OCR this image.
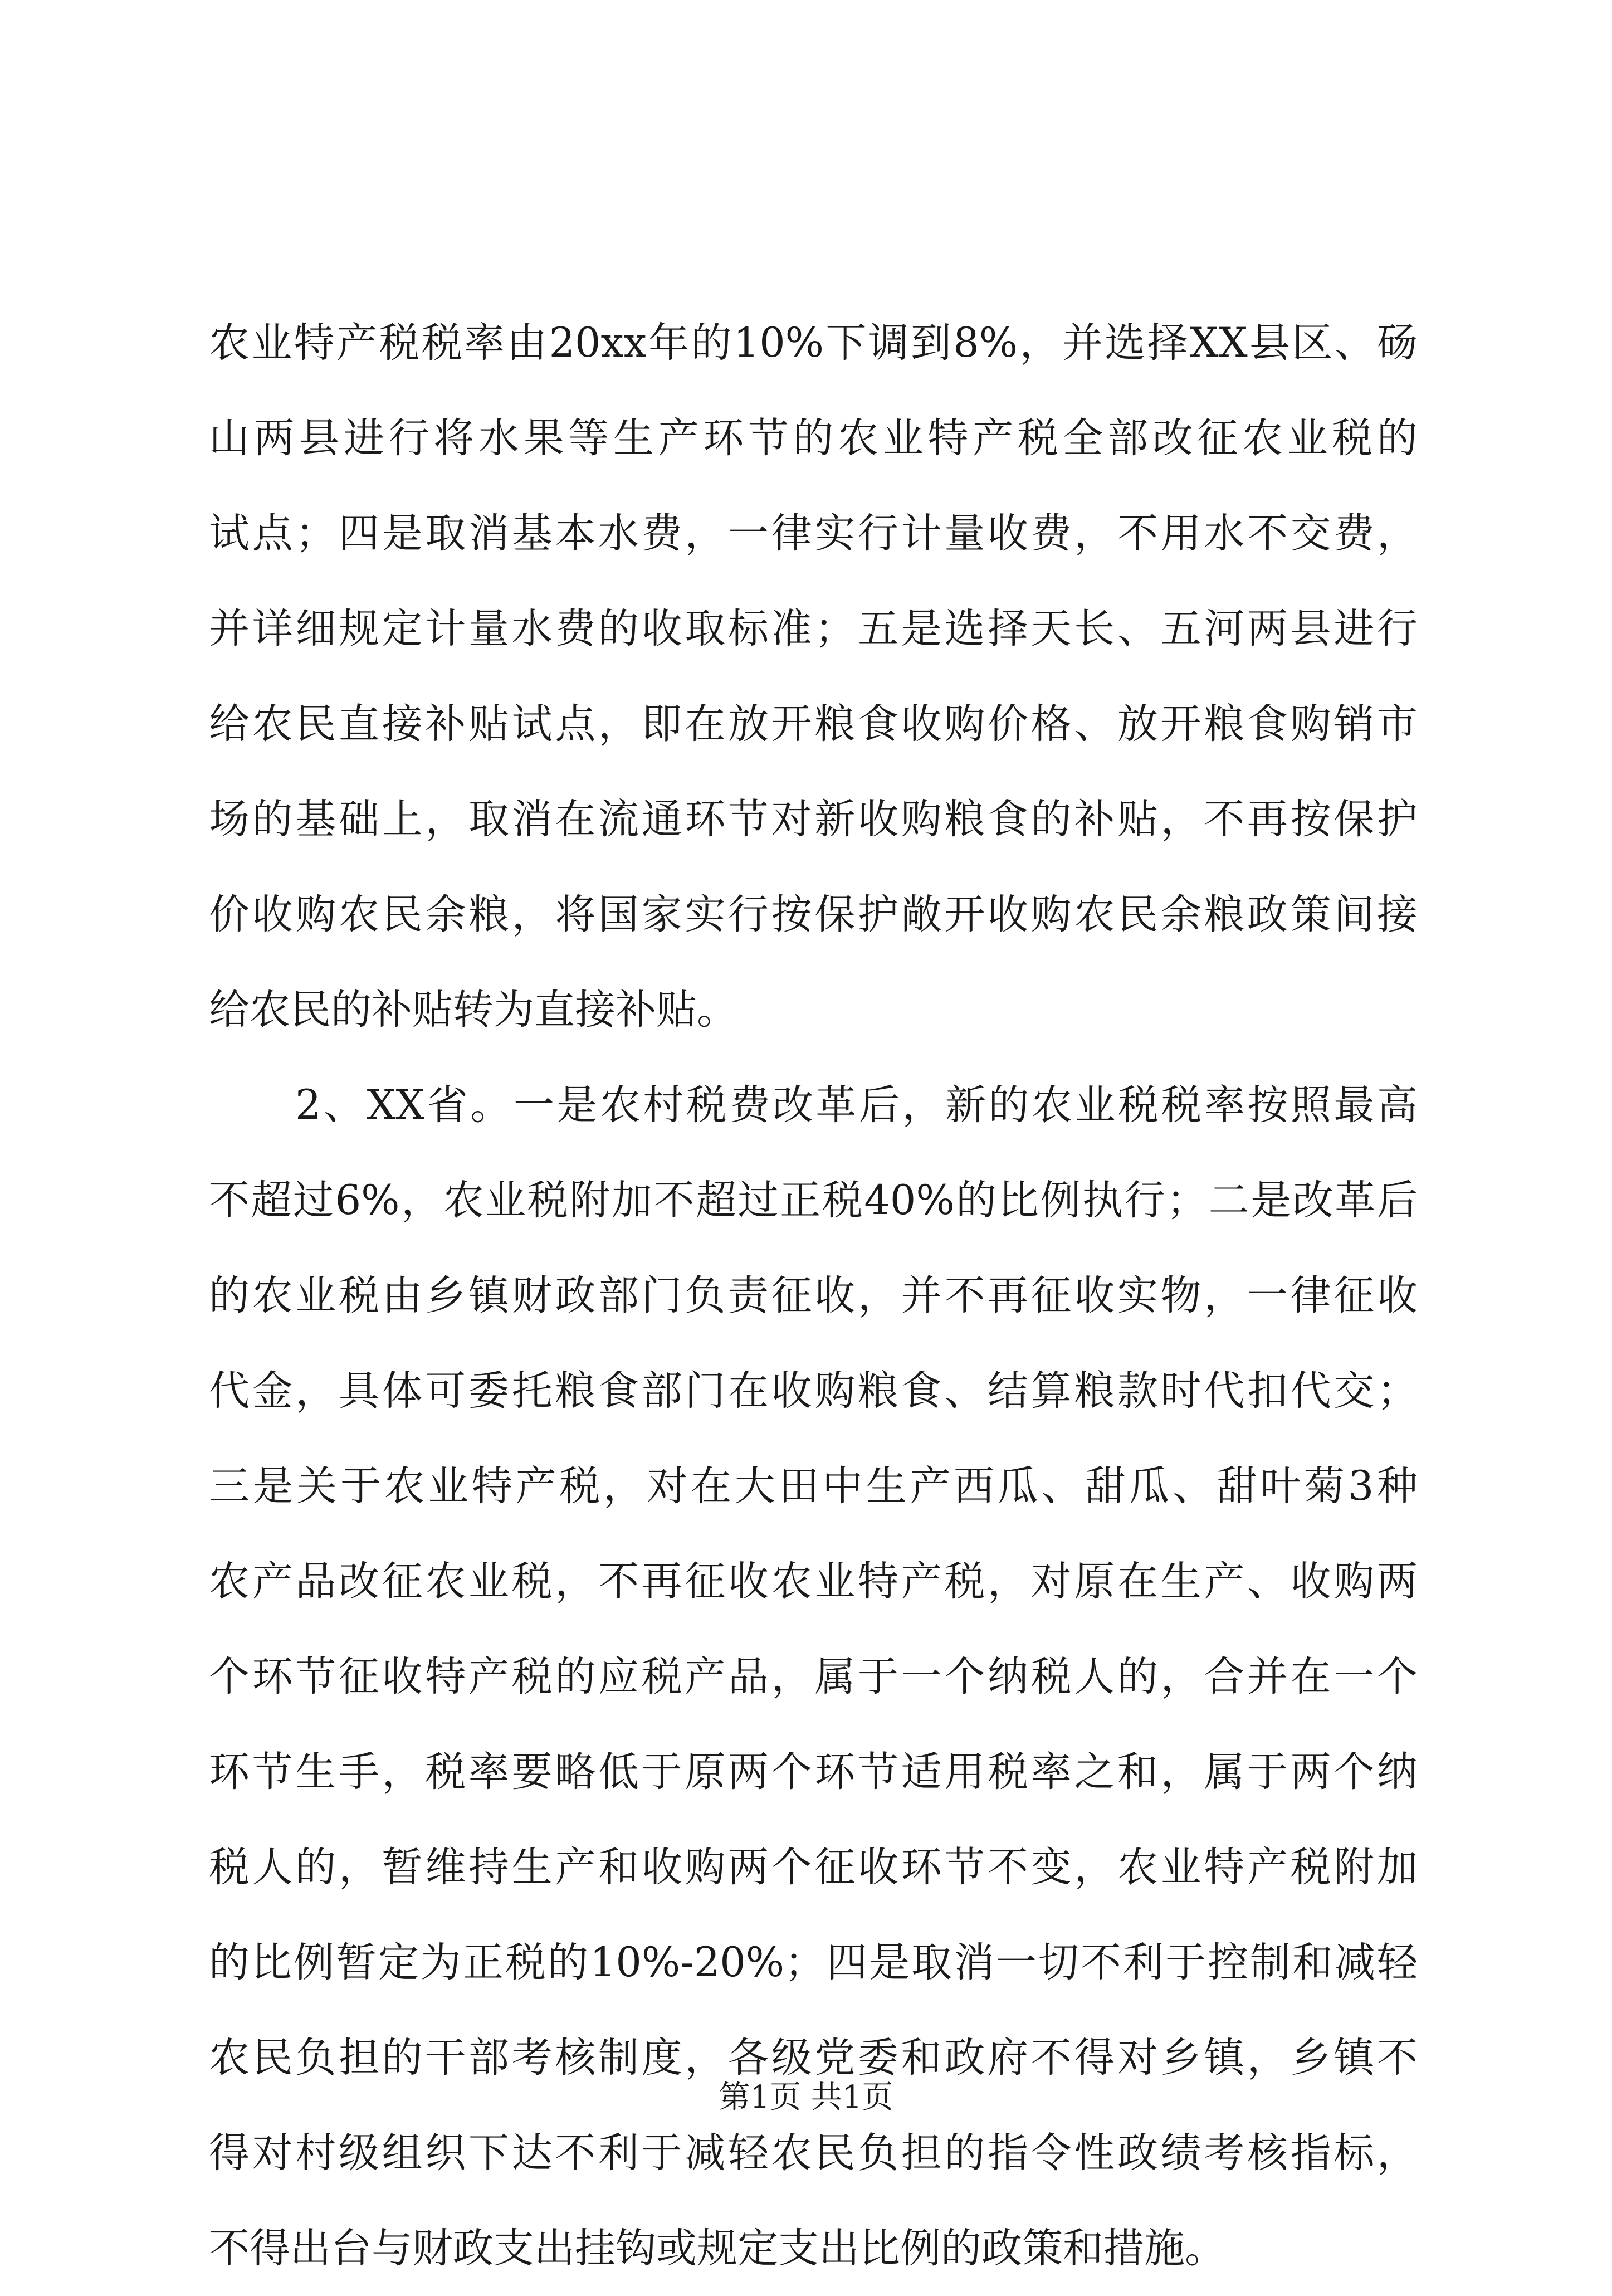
农业特产税税率由20xx年的10%下调到8%，并选择XX县区、砀
山两县进行将水果等生产环节的农业特产税全部改征农业税的
试点；四是取消基本水费，一律实行计量收费，不用水不交费，
并详细规定计量水费的收取标准；五是选择天长、五河两县进行
给农民直接补贴试点，即在放开粮食收购价格、放开粮食购销市
场的基础上，取消在流通环节对新收购粮食的补贴，不再按保护
价收购农民余粮，将国家实行按保护敞开收购农民余粮政策间接
给农民的补贴转为直接补贴。
2、XX省。一是农村税费改革后，新的农业税税率按照最高
不超过6%，农业税附加不超过正税40%的比例执行；二是改革后
的农业税由乡镇财政部门负责征收，并不再征收实物，一律征收
代金，具体可委托粮食部门在收购粮食、结算粮款时代扣代交；
三是关于农业特产税，对在大田中生产西瓜、甜瓜、甜叶菊3种
农产品改征农业税，不再征收农业特产税，对原在生产、收购两
个环节征收特产税的应税产品，属于一个纳税人的，合并在一个
环节生手，税率要略低于原两个环节适用税率之和，属于两个纳
税人的，暂维持生产和收购两个征收环节不变，农业特产税附加
的比例暂定为正税的10%-20%；四是取消一切不利于控制和减轻
农民负担的干部考核制度，各级党委和政府不得对乡镇，乡镇不
得对村级组织下达不利于减轻农民负担的指令性政绩考核指标，
不得出台与财政支出挂钩或规定支出比例的政策和措施。
第1页 共1页
